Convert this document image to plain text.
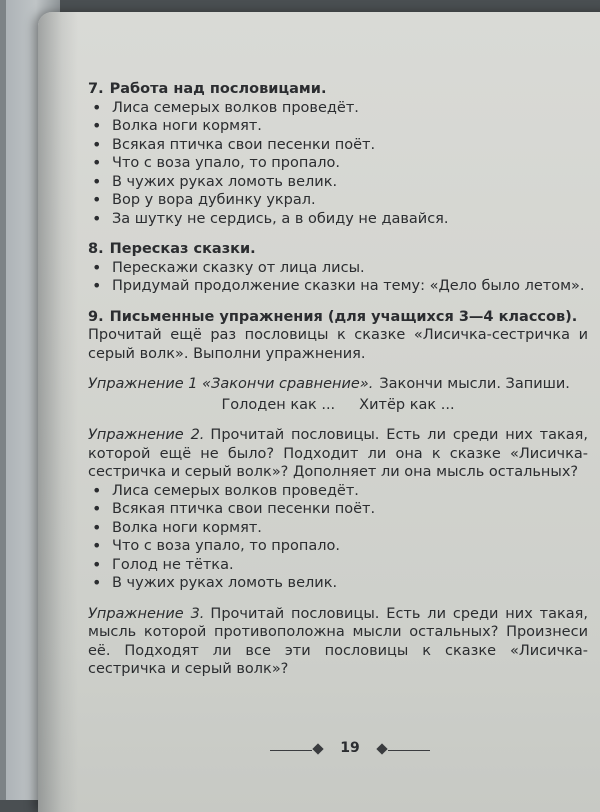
7. Работа над пословицами.
• Лиса семерых волков проведёт.
• Волка ноги кормят.
• Всякая птичка свои песенки поёт.
• Что с воза упало, то пропало.
• В чужих руках ломоть велик.
• Вор у вора дубинку украл.
• За шутку не сердись, а в обиду не давайся.
8. Пересказ сказки.
• Перескажи сказку от лица лисы.
• Придумай продолжение сказки на тему: «Дело было летом».
9. Письменные упражнения (для учащихся 3—4 классов).
Прочитай ещё раз пословицы к сказке «Лисичка-сестричка и серый волк». Выполни упражнения.
Упражнение 1 «Закончи сравнение». Закончи мысли. Запиши.
Голоден как ... Хитёр как ...
Упражнение 2. Прочитай пословицы. Есть ли среди них такая, которой ещё не было? Подходит ли она к сказке «Лисичка-сестричка и серый волк»? Дополняет ли она мысль остальных?
• Лиса семерых волков проведёт.
• Всякая птичка свои песенки поёт.
• Волка ноги кормят.
• Что с воза упало, то пропало.
• Голод не тётка.
• В чужих руках ломоть велик.
Упражнение 3. Прочитай пословицы. Есть ли среди них такая, мысль которой противоположна мысли остальных? Произнеси её. Подходят ли все эти пословицы к сказке «Лисичка-сестричка и серый волк»?
19
